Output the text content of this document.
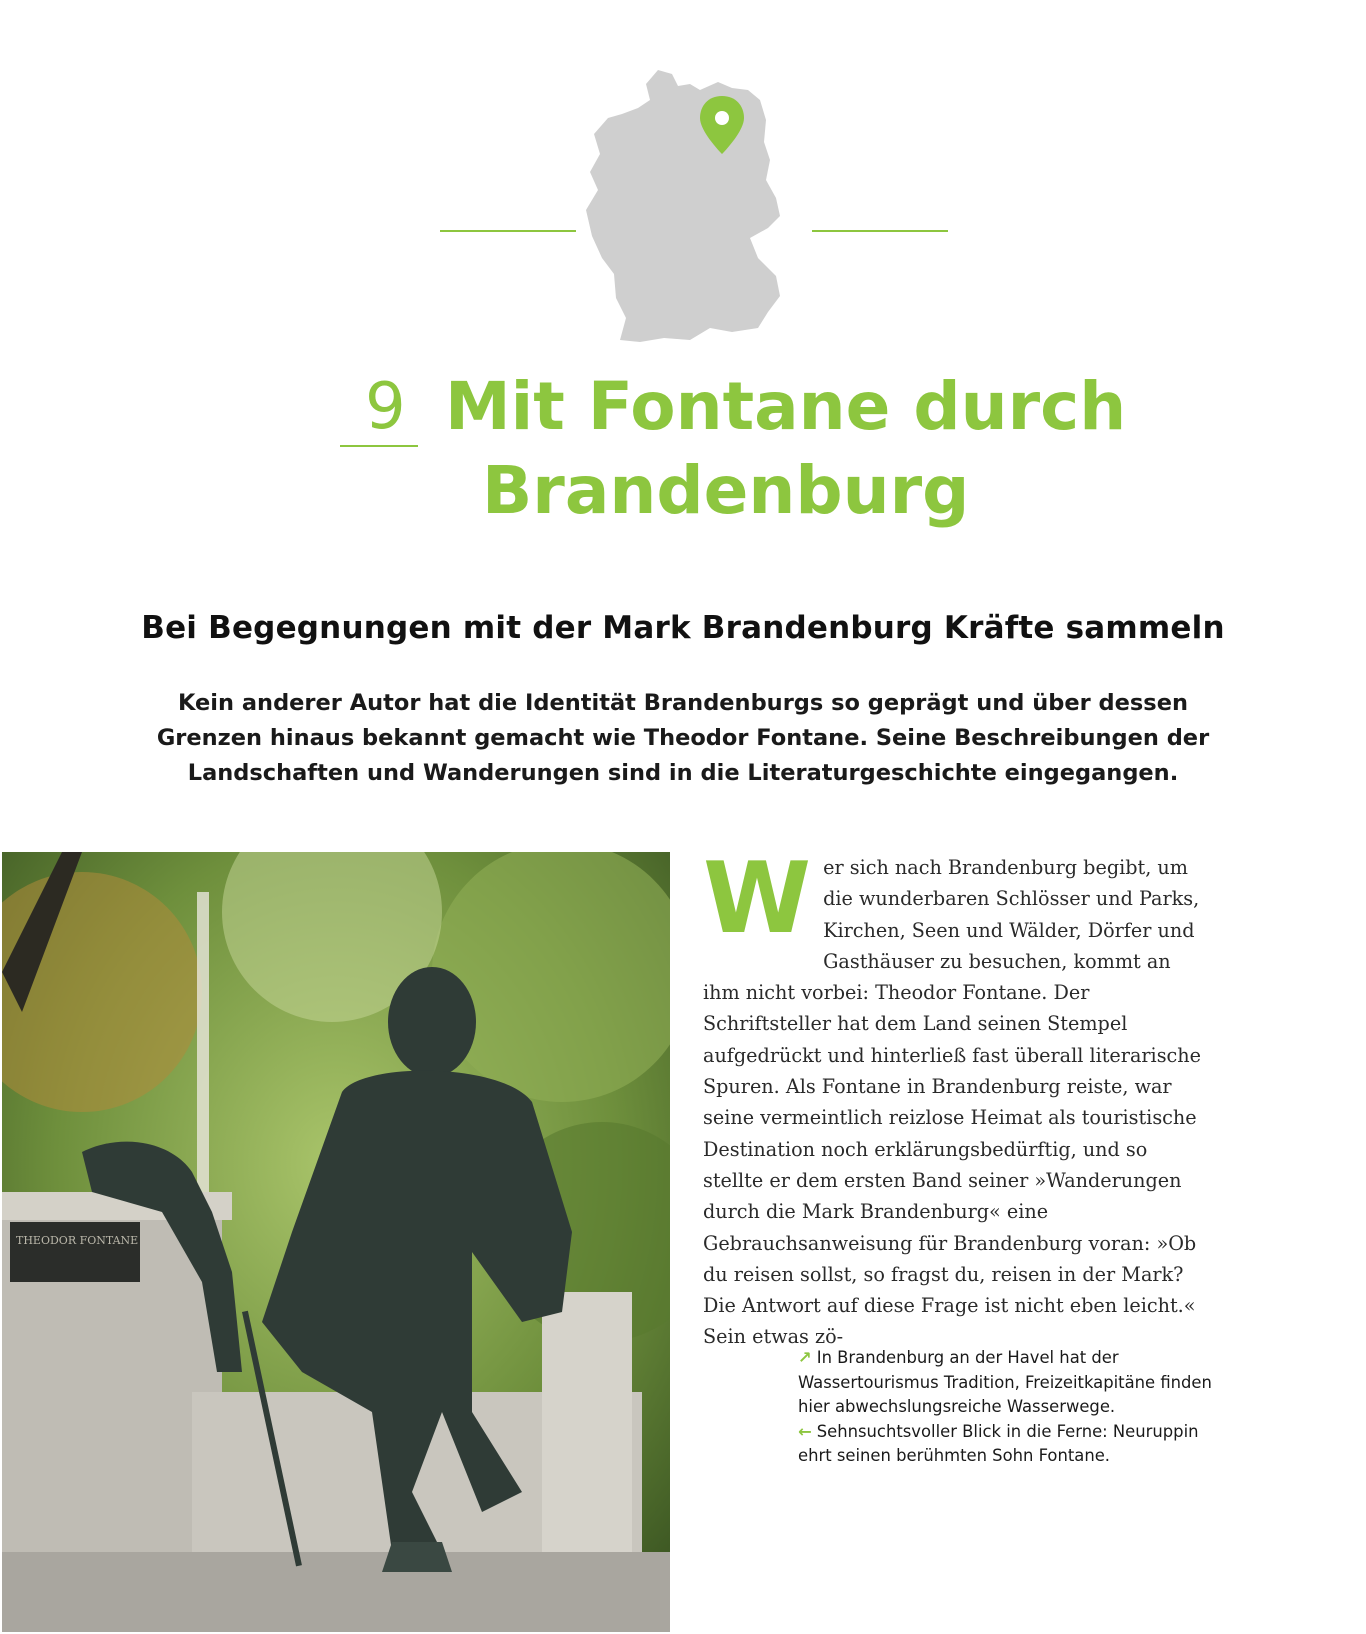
9 Mit Fontane durch
Brandenburg
Bei Begegnungen mit der Mark Brandenburg Kräfte sammeln
Kein anderer Autor hat die Identität Brandenburgs so geprägt und über dessen Grenzen hinaus bekannt gemacht wie Theodor Fontane. Seine Beschreibungen der Landschaften und Wanderungen sind in die Literaturgeschichte eingegangen.
THEODOR FONTANE
W er sich nach Brandenburg begibt, um die wunderbaren Schlösser und Parks, Kirchen, Seen und Wälder, Dörfer und Gasthäuser zu besuchen, kommt an ihm nicht vorbei: Theodor Fontane. Der Schriftsteller hat dem Land seinen Stempel aufgedrückt und hinterließ fast überall literarische Spuren. Als Fontane in Brandenburg reiste, war seine vermeintlich reizlose Heimat als touristische Destination noch erklärungsbedürftig, und so stellte er dem ersten Band seiner »Wanderungen durch die Mark Brandenburg« eine Gebrauchsanweisung für Brandenburg voran: »Ob du reisen sollst, so fragst du, reisen in der Mark? Die Antwort auf diese Frage ist nicht eben leicht.« Sein etwas zö-

↗ In Brandenburg an der Havel hat der Wassertourismus Tradition, Freizeitkapitäne finden hier abwechslungsreiche Wasserwege.
← Sehnsuchtsvoller Blick in die Ferne: Neuruppin ehrt seinen berühmten Sohn Fontane.
